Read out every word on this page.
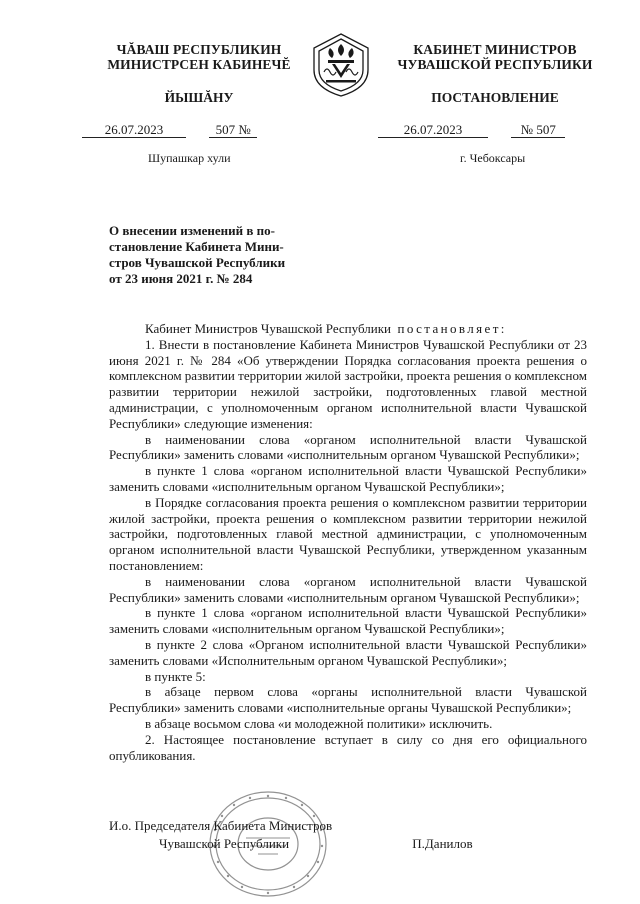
ЧĂВАШ РЕСПУБЛИКИН
МИНИСТРСЕН КАБИНЕЧĔ
ЙЫШĂНУ
КАБИНЕТ МИНИСТРОВ
ЧУВАШСКОЙ РЕСПУБЛИКИ
ПОСТАНОВЛЕНИЕ
26.07.2023	507 №	26.07.2023	№ 507
Шупашкар хули	г. Чебоксары
О внесении изменений в по-
становление Кабинета Мини-
стров Чувашской Республики
от 23 июня 2021 г. № 284

Кабинет Министров Чувашской Республики постановляет:

1. Внести в постановление Кабинета Министров Чувашской Республики от 23 июня 2021 г. № 284 «Об утверждении Порядка согласования проекта решения о комплексном развитии территории жилой застройки, проекта решения о комплексном развитии территории нежилой застройки, подготовленных главой местной администрации, с уполномоченным органом исполнительной власти Чувашской Республики» следующие изменения:

в наименовании слова «органом исполнительной власти Чувашской Республики» заменить словами «исполнительным органом Чувашской Республики»;

в пункте 1 слова «органом исполнительной власти Чувашской Республики» заменить словами «исполнительным органом Чувашской Республики»;

в Порядке согласования проекта решения о комплексном развитии территории жилой застройки, проекта решения о комплексном развитии территории нежилой застройки, подготовленных главой местной администрации, с уполномоченным органом исполнительной власти Чувашской Республики, утвержденном указанным постановлением:

в наименовании слова «органом исполнительной власти Чувашской Республики» заменить словами «исполнительным органом Чувашской Республики»;

в пункте 1 слова «органом исполнительной власти Чувашской Республики» заменить словами «исполнительным органом Чувашской Республики»;

в пункте 2 слова «Органом исполнительной власти Чувашской Республики» заменить словами «Исполнительным органом Чувашской Республики»;

в пункте 5:

в абзаце первом слова «органы исполнительной власти Чувашской Республики» заменить словами «исполнительные органы Чувашской Республики»;

в абзаце восьмом слова «и молодежной политики» исключить.

2. Настоящее постановление вступает в силу со дня его официального опубликования.

И.о. Председателя Кабинета Министров
Чувашской Республики	П.Данилов
